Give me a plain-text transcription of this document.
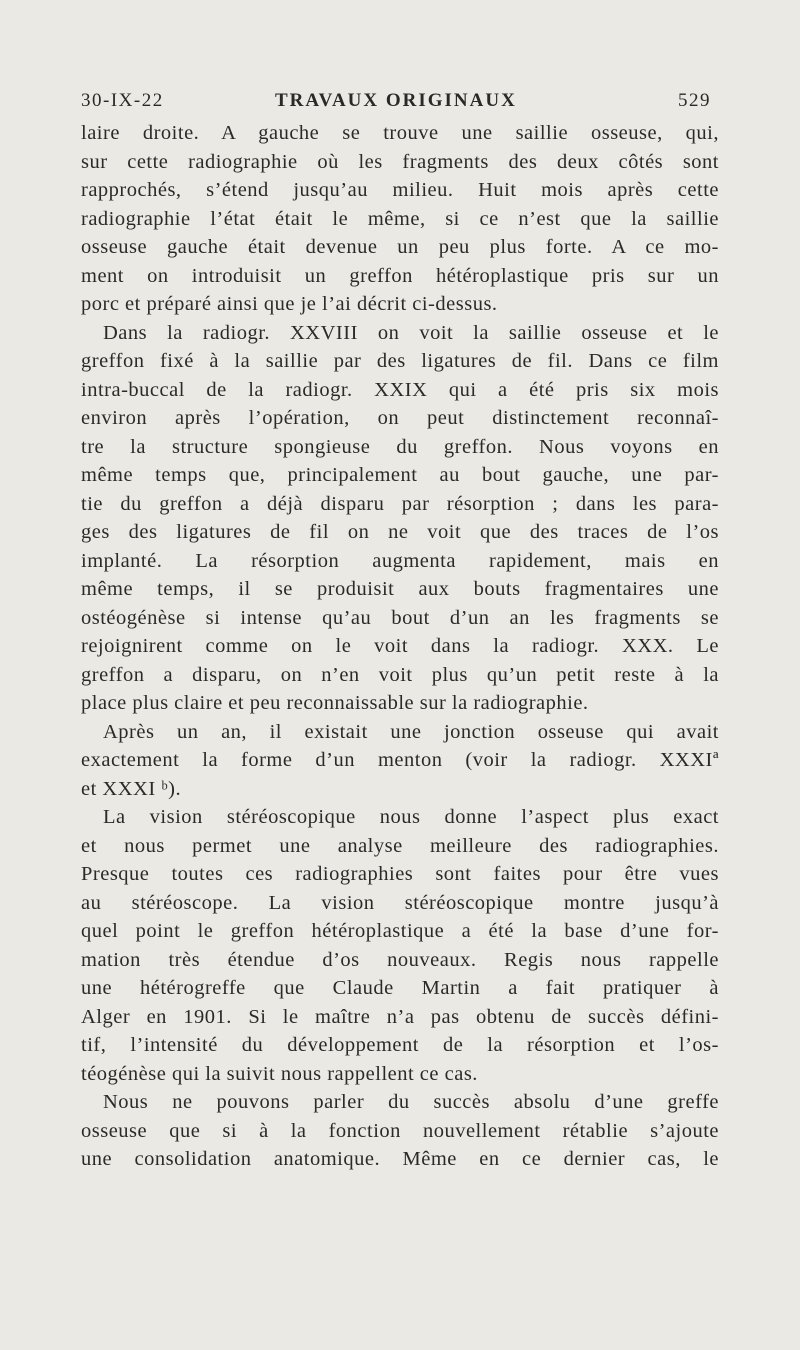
30-IX-22	TRAVAUX ORIGINAUX	529
laire droite. A gauche se trouve une saillie osseuse, qui,
sur cette radiographie où les fragments des deux côtés sont
rapprochés, s’étend jusqu’au milieu. Huit mois après cette
radiographie l’état était le même, si ce n’est que la saillie
osseuse gauche était devenue un peu plus forte. A ce mo-
ment on introduisit un greffon hétéroplastique pris sur un
porc et préparé ainsi que je l’ai décrit ci-dessus.
Dans la radiogr. XXVIII on voit la saillie osseuse et le
greffon fixé à la saillie par des ligatures de fil. Dans ce film
intra-buccal de la radiogr. XXIX qui a été pris six mois
environ après l’opération, on peut distinctement reconnaî-
tre la structure spongieuse du greffon. Nous voyons en
même temps que, principalement au bout gauche, une par-
tie du greffon a déjà disparu par résorption ; dans les para-
ges des ligatures de fil on ne voit que des traces de l’os
implanté. La résorption augmenta rapidement, mais en
même temps, il se produisit aux bouts fragmentaires une
ostéogénèse si intense qu’au bout d’un an les fragments se
rejoignirent comme on le voit dans la radiogr. XXX. Le
greffon a disparu, on n’en voit plus qu’un petit reste à la
place plus claire et peu reconnaissable sur la radiographie.
Après un an, il existait une jonction osseuse qui avait
exactement la forme d’un menton (voir la radiogr. XXXIª
et XXXI ᵇ).
La vision stéréoscopique nous donne l’aspect plus exact
et nous permet une analyse meilleure des radiographies.
Presque toutes ces radiographies sont faites pour être vues
au stéréoscope. La vision stéréoscopique montre jusqu’à
quel point le greffon hétéroplastique a été la base d’une for-
mation très étendue d’os nouveaux. Regis nous rappelle
une hétérogreffe que Claude Martin a fait pratiquer à
Alger en 1901. Si le maître n’a pas obtenu de succès défini-
tif, l’intensité du développement de la résorption et l’os-
téogénèse qui la suivit nous rappellent ce cas.
Nous ne pouvons parler du succès absolu d’une greffe
osseuse que si à la fonction nouvellement rétablie s’ajoute
une consolidation anatomique. Même en ce dernier cas, le
